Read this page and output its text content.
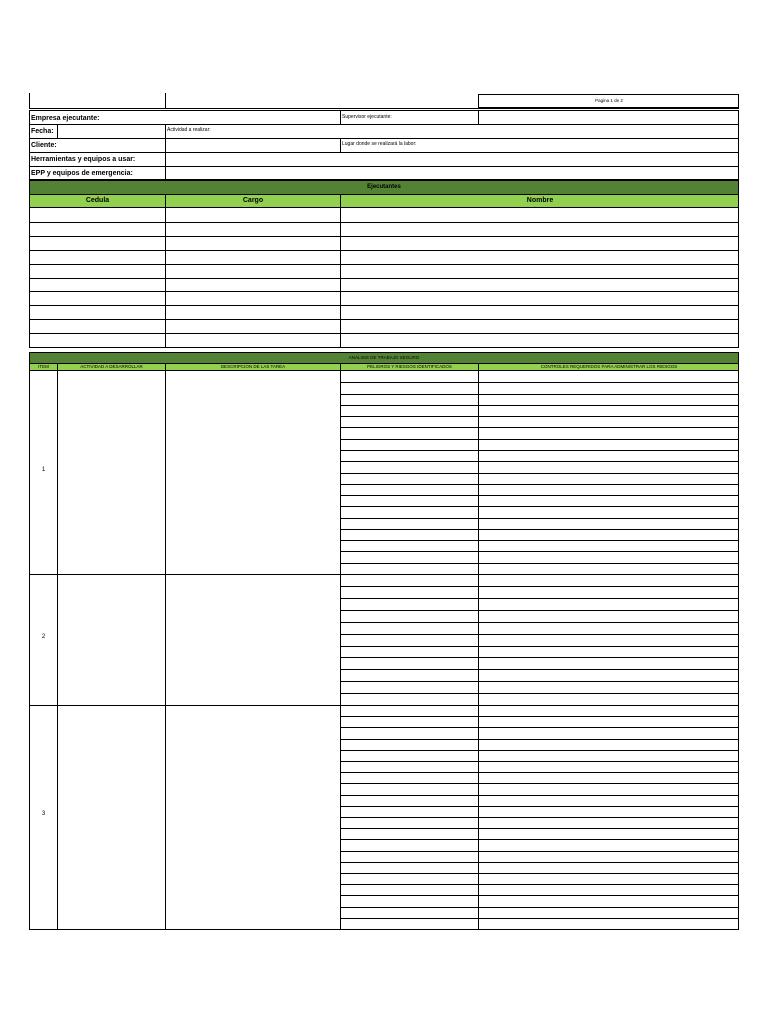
Pagina 1 de 2
Empresa ejecutante:	Supervisor ejecutante:
Fecha:	Actividad a realizar:
Cliente:	Lugar donde se realizará la labor:
Herramientas y equipos a usar:
EPP y equipos de emergencia:
Ejecutantes
Cedula	Cargo	Nombre
ANÁLISIS DE TRABAJO SEGURO
ITEM	ACTIVIDAD A DESARROLLAR	DESCRIPCION DE LAS TAREA	PELIGROS Y RIESGOS IDENTIFICADOS	CONTROLES REQUERIDOS PARA ADMINISTRAR LOS RIESGOS
1
2
3
